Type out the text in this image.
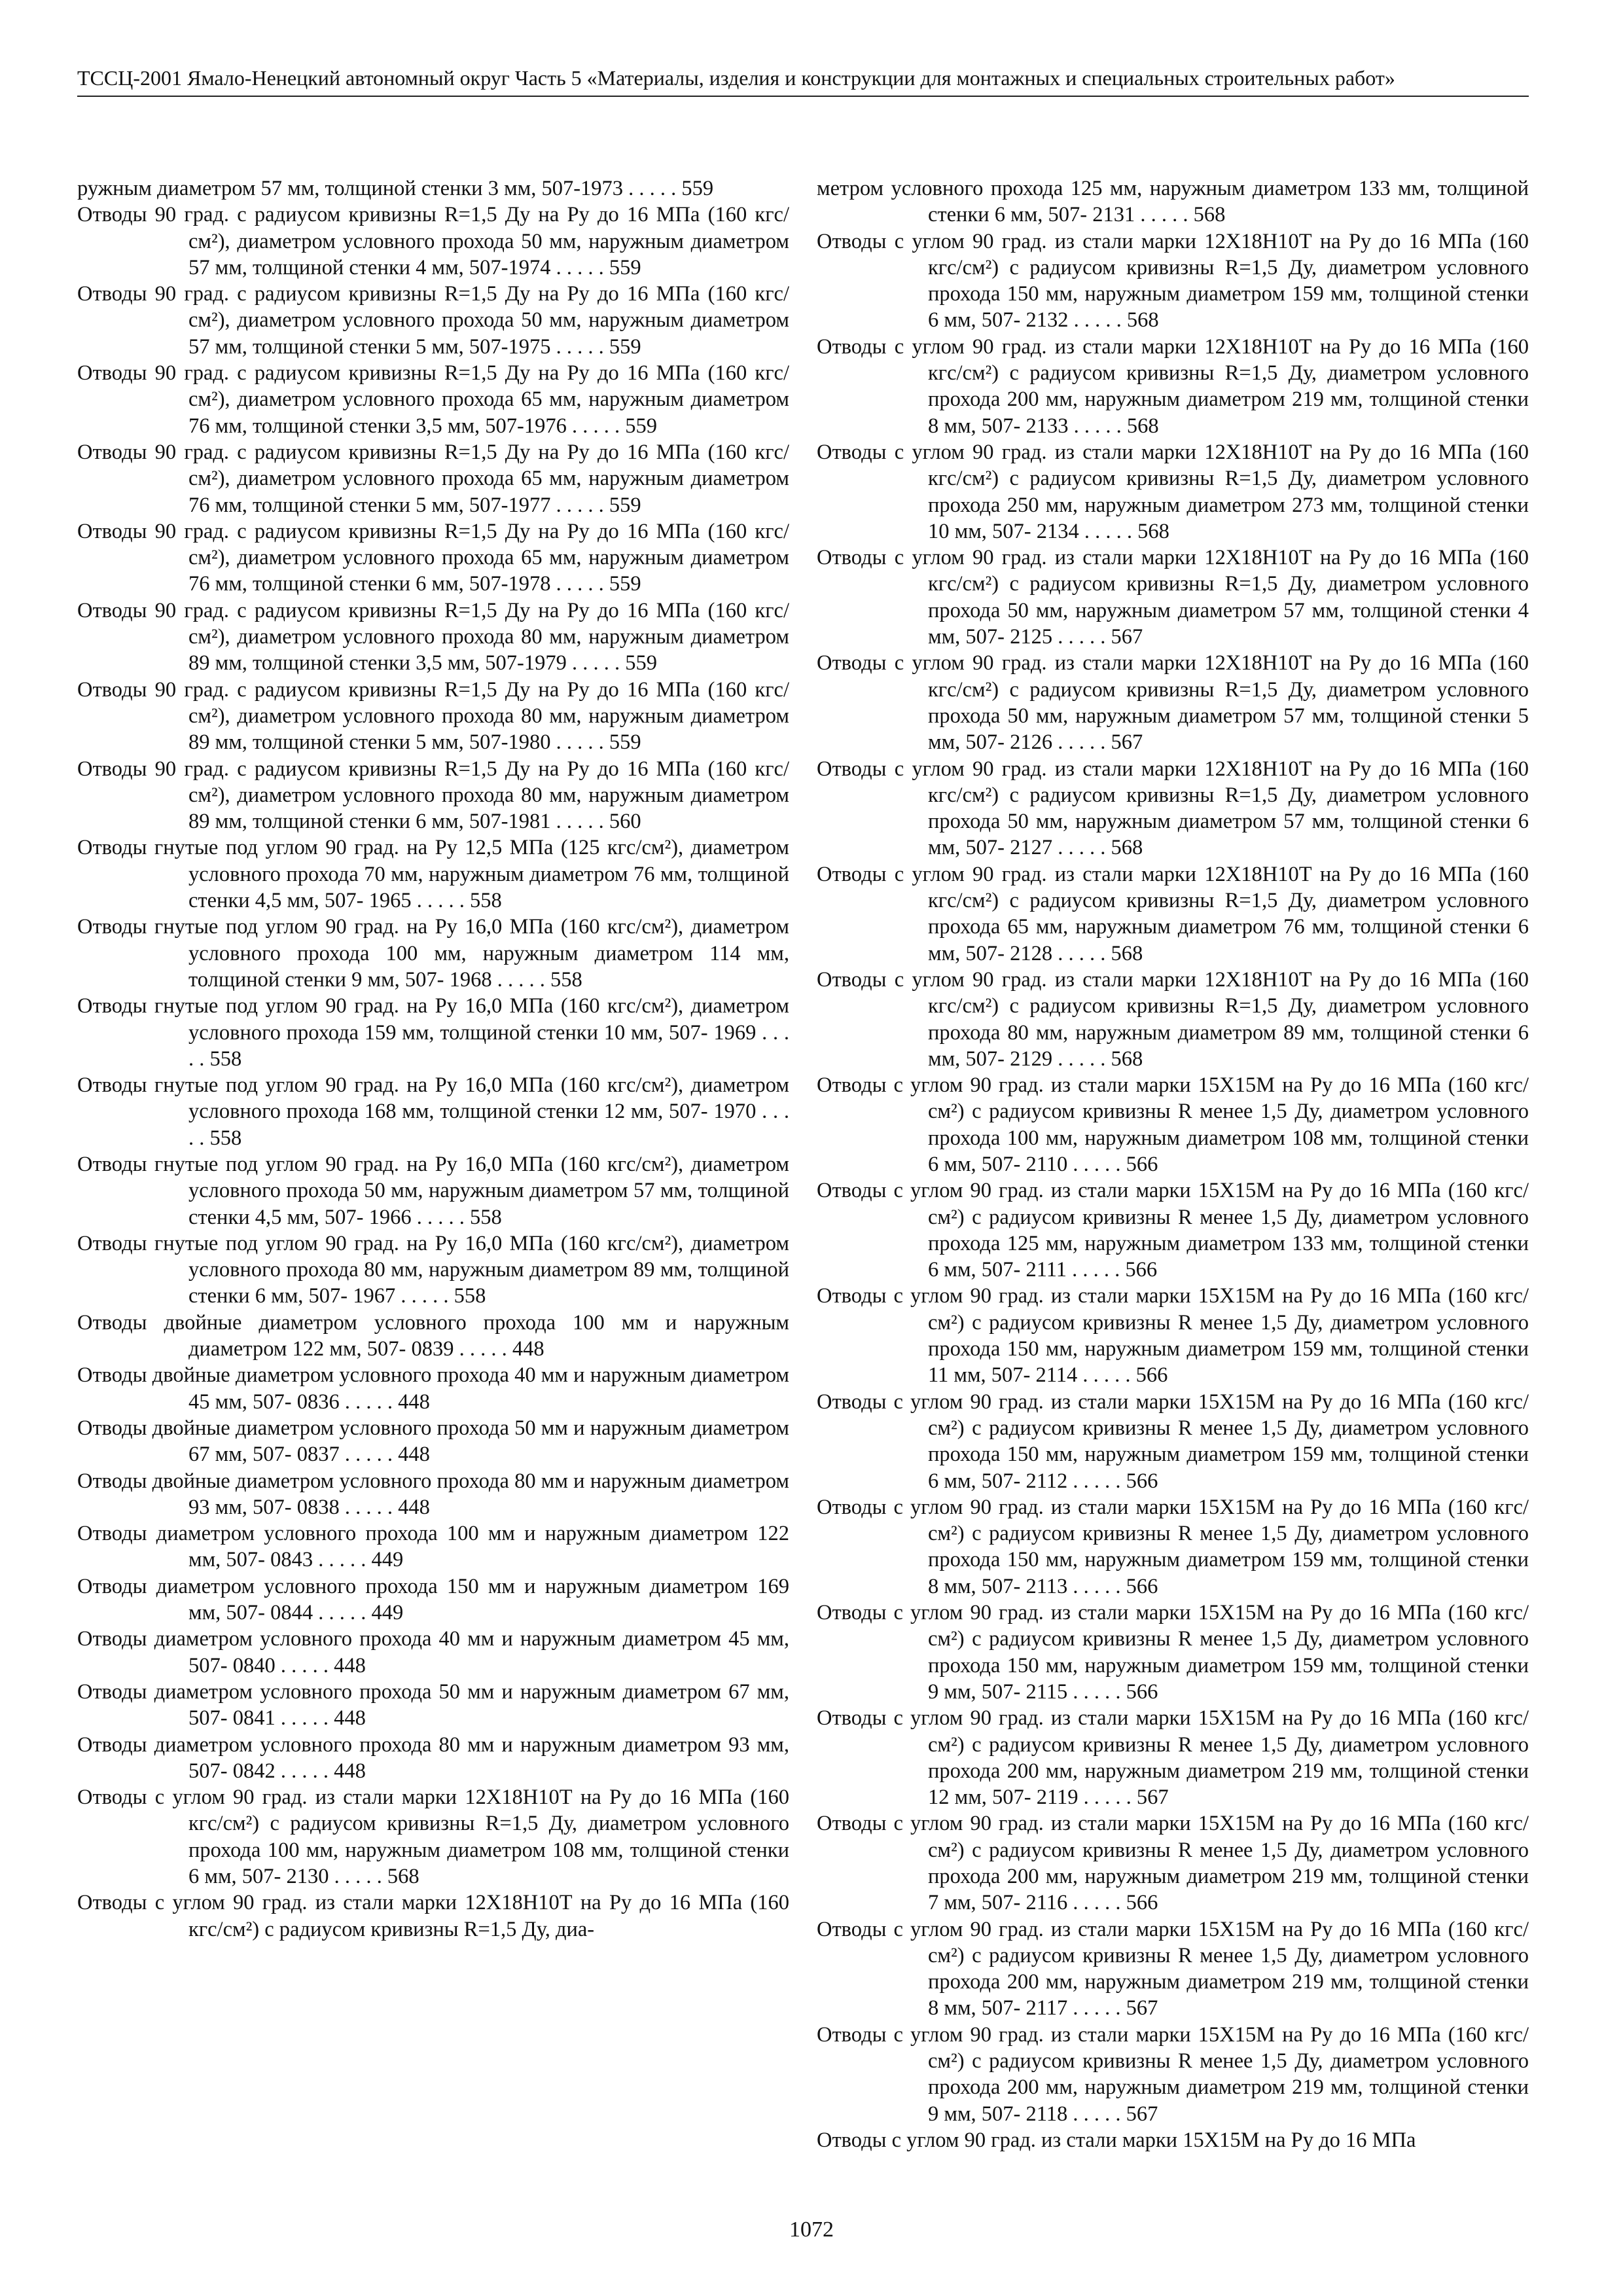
ТССЦ-2001 Ямало-Ненецкий автономный округ Часть 5 «Материалы, изделия и конструкции для монтажных и специальных строительных работ»

ружным диаметром 57 мм, толщиной стенки 3 мм, 507-1973 . . . . . 559

Отводы 90 град. с радиусом кривизны R=1,5 Ду на Ру до 16 МПа (160 кгс/см²), диаметром условного прохода 50 мм, наружным диаметром 57 мм, толщиной стенки 4 мм, 507-1974 . . . . . 559

Отводы 90 град. с радиусом кривизны R=1,5 Ду на Ру до 16 МПа (160 кгс/см²), диаметром условного прохода 50 мм, наружным диаметром 57 мм, толщиной стенки 5 мм, 507-1975 . . . . . 559

Отводы 90 град. с радиусом кривизны R=1,5 Ду на Ру до 16 МПа (160 кгс/см²), диаметром условного прохода 65 мм, наружным диаметром 76 мм, толщиной стенки 3,5 мм, 507-1976 . . . . . 559

Отводы 90 град. с радиусом кривизны R=1,5 Ду на Ру до 16 МПа (160 кгс/см²), диаметром условного прохода 65 мм, наружным диаметром 76 мм, толщиной стенки 5 мм, 507-1977 . . . . . 559

Отводы 90 град. с радиусом кривизны R=1,5 Ду на Ру до 16 МПа (160 кгс/см²), диаметром условного прохода 65 мм, наружным диаметром 76 мм, толщиной стенки 6 мм, 507-1978 . . . . . 559

Отводы 90 град. с радиусом кривизны R=1,5 Ду на Ру до 16 МПа (160 кгс/см²), диаметром условного прохода 80 мм, наружным диаметром 89 мм, толщиной стенки 3,5 мм, 507-1979 . . . . . 559

Отводы 90 град. с радиусом кривизны R=1,5 Ду на Ру до 16 МПа (160 кгс/см²), диаметром условного прохода 80 мм, наружным диаметром 89 мм, толщиной стенки 5 мм, 507-1980 . . . . . 559

Отводы 90 град. с радиусом кривизны R=1,5 Ду на Ру до 16 МПа (160 кгс/см²), диаметром условного прохода 80 мм, наружным диаметром 89 мм, толщиной стенки 6 мм, 507-1981 . . . . . 560

Отводы гнутые под углом 90 град. на Ру 12,5 МПа (125 кгс/см²), диаметром условного прохода 70 мм, наружным диаметром 76 мм, толщиной стенки 4,5 мм, 507- 1965 . . . . . 558

Отводы гнутые под углом 90 град. на Ру 16,0 МПа (160 кгс/см²), диаметром условного прохода 100 мм, наружным диаметром 114 мм, толщиной стенки 9 мм, 507- 1968 . . . . . 558

Отводы гнутые под углом 90 град. на Ру 16,0 МПа (160 кгс/см²), диаметром условного прохода 159 мм, толщиной стенки 10 мм, 507- 1969 . . . . . 558

Отводы гнутые под углом 90 град. на Ру 16,0 МПа (160 кгс/см²), диаметром условного прохода 168 мм, толщиной стенки 12 мм, 507- 1970 . . . . . 558

Отводы гнутые под углом 90 град. на Ру 16,0 МПа (160 кгс/см²), диаметром условного прохода 50 мм, наружным диаметром 57 мм, толщиной стенки 4,5 мм, 507- 1966 . . . . . 558

Отводы гнутые под углом 90 град. на Ру 16,0 МПа (160 кгс/см²), диаметром условного прохода 80 мм, наружным диаметром 89 мм, толщиной стенки 6 мм, 507- 1967 . . . . . 558

Отводы двойные диаметром условного прохода 100 мм и наружным диаметром 122 мм, 507- 0839 . . . . . 448

Отводы двойные диаметром условного прохода 40 мм и наружным диаметром 45 мм, 507- 0836 . . . . . 448

Отводы двойные диаметром условного прохода 50 мм и наружным диаметром 67 мм, 507- 0837 . . . . . 448

Отводы двойные диаметром условного прохода 80 мм и наружным диаметром 93 мм, 507- 0838 . . . . . 448

Отводы диаметром условного прохода 100 мм и наружным диаметром 122 мм, 507- 0843 . . . . . 449

Отводы диаметром условного прохода 150 мм и наружным диаметром 169 мм, 507- 0844 . . . . . 449

Отводы диаметром условного прохода 40 мм и наружным диаметром 45 мм, 507- 0840 . . . . . 448

Отводы диаметром условного прохода 50 мм и наружным диаметром 67 мм, 507- 0841 . . . . . 448

Отводы диаметром условного прохода 80 мм и наружным диаметром 93 мм, 507- 0842 . . . . . 448

Отводы с углом 90 град. из стали марки 12Х18Н10Т на Ру до 16 МПа (160 кгс/см²) с радиусом кривизны R=1,5 Ду, диаметром условного прохода 100 мм, наружным диаметром 108 мм, толщиной стенки 6 мм, 507- 2130 . . . . . 568

Отводы с углом 90 град. из стали марки 12Х18Н10Т на Ру до 16 МПа (160 кгс/см²) с радиусом кривизны R=1,5 Ду, диа-

метром условного прохода 125 мм, наружным диаметром 133 мм, толщиной стенки 6 мм, 507- 2131 . . . . . 568

Отводы с углом 90 град. из стали марки 12Х18Н10Т на Ру до 16 МПа (160 кгс/см²) с радиусом кривизны R=1,5 Ду, диаметром условного прохода 150 мм, наружным диаметром 159 мм, толщиной стенки 6 мм, 507- 2132 . . . . . 568

Отводы с углом 90 град. из стали марки 12Х18Н10Т на Ру до 16 МПа (160 кгс/см²) с радиусом кривизны R=1,5 Ду, диаметром условного прохода 200 мм, наружным диаметром 219 мм, толщиной стенки 8 мм, 507- 2133 . . . . . 568

Отводы с углом 90 град. из стали марки 12Х18Н10Т на Ру до 16 МПа (160 кгс/см²) с радиусом кривизны R=1,5 Ду, диаметром условного прохода 250 мм, наружным диаметром 273 мм, толщиной стенки 10 мм, 507- 2134 . . . . . 568

Отводы с углом 90 град. из стали марки 12Х18Н10Т на Ру до 16 МПа (160 кгс/см²) с радиусом кривизны R=1,5 Ду, диаметром условного прохода 50 мм, наружным диаметром 57 мм, толщиной стенки 4 мм, 507- 2125 . . . . . 567

Отводы с углом 90 град. из стали марки 12Х18Н10Т на Ру до 16 МПа (160 кгс/см²) с радиусом кривизны R=1,5 Ду, диаметром условного прохода 50 мм, наружным диаметром 57 мм, толщиной стенки 5 мм, 507- 2126 . . . . . 567

Отводы с углом 90 град. из стали марки 12Х18Н10Т на Ру до 16 МПа (160 кгс/см²) с радиусом кривизны R=1,5 Ду, диаметром условного прохода 50 мм, наружным диаметром 57 мм, толщиной стенки 6 мм, 507- 2127 . . . . . 568

Отводы с углом 90 град. из стали марки 12Х18Н10Т на Ру до 16 МПа (160 кгс/см²) с радиусом кривизны R=1,5 Ду, диаметром условного прохода 65 мм, наружным диаметром 76 мм, толщиной стенки 6 мм, 507- 2128 . . . . . 568

Отводы с углом 90 град. из стали марки 12Х18Н10Т на Ру до 16 МПа (160 кгс/см²) с радиусом кривизны R=1,5 Ду, диаметром условного прохода 80 мм, наружным диаметром 89 мм, толщиной стенки 6 мм, 507- 2129 . . . . . 568

Отводы с углом 90 град. из стали марки 15Х15М на Ру до 16 МПа (160 кгс/см²) с радиусом кривизны R менее 1,5 Ду, диаметром условного прохода 100 мм, наружным диаметром 108 мм, толщиной стенки 6 мм, 507- 2110 . . . . . 566

Отводы с углом 90 град. из стали марки 15Х15М на Ру до 16 МПа (160 кгс/см²) с радиусом кривизны R менее 1,5 Ду, диаметром условного прохода 125 мм, наружным диаметром 133 мм, толщиной стенки 6 мм, 507- 2111 . . . . . 566

Отводы с углом 90 град. из стали марки 15Х15М на Ру до 16 МПа (160 кгс/см²) с радиусом кривизны R менее 1,5 Ду, диаметром условного прохода 150 мм, наружным диаметром 159 мм, толщиной стенки 11 мм, 507- 2114 . . . . . 566

Отводы с углом 90 град. из стали марки 15Х15М на Ру до 16 МПа (160 кгс/см²) с радиусом кривизны R менее 1,5 Ду, диаметром условного прохода 150 мм, наружным диаметром 159 мм, толщиной стенки 6 мм, 507- 2112 . . . . . 566

Отводы с углом 90 град. из стали марки 15Х15М на Ру до 16 МПа (160 кгс/см²) с радиусом кривизны R менее 1,5 Ду, диаметром условного прохода 150 мм, наружным диаметром 159 мм, толщиной стенки 8 мм, 507- 2113 . . . . . 566

Отводы с углом 90 град. из стали марки 15Х15М на Ру до 16 МПа (160 кгс/см²) с радиусом кривизны R менее 1,5 Ду, диаметром условного прохода 150 мм, наружным диаметром 159 мм, толщиной стенки 9 мм, 507- 2115 . . . . . 566

Отводы с углом 90 град. из стали марки 15Х15М на Ру до 16 МПа (160 кгс/см²) с радиусом кривизны R менее 1,5 Ду, диаметром условного прохода 200 мм, наружным диаметром 219 мм, толщиной стенки 12 мм, 507- 2119 . . . . . 567

Отводы с углом 90 град. из стали марки 15Х15М на Ру до 16 МПа (160 кгс/см²) с радиусом кривизны R менее 1,5 Ду, диаметром условного прохода 200 мм, наружным диаметром 219 мм, толщиной стенки 7 мм, 507- 2116 . . . . . 566

Отводы с углом 90 град. из стали марки 15Х15М на Ру до 16 МПа (160 кгс/см²) с радиусом кривизны R менее 1,5 Ду, диаметром условного прохода 200 мм, наружным диаметром 219 мм, толщиной стенки 8 мм, 507- 2117 . . . . . 567

Отводы с углом 90 град. из стали марки 15Х15М на Ру до 16 МПа (160 кгс/см²) с радиусом кривизны R менее 1,5 Ду, диаметром условного прохода 200 мм, наружным диаметром 219 мм, толщиной стенки 9 мм, 507- 2118 . . . . . 567

Отводы с углом 90 град. из стали марки 15Х15М на Ру до 16 МПа

1072
